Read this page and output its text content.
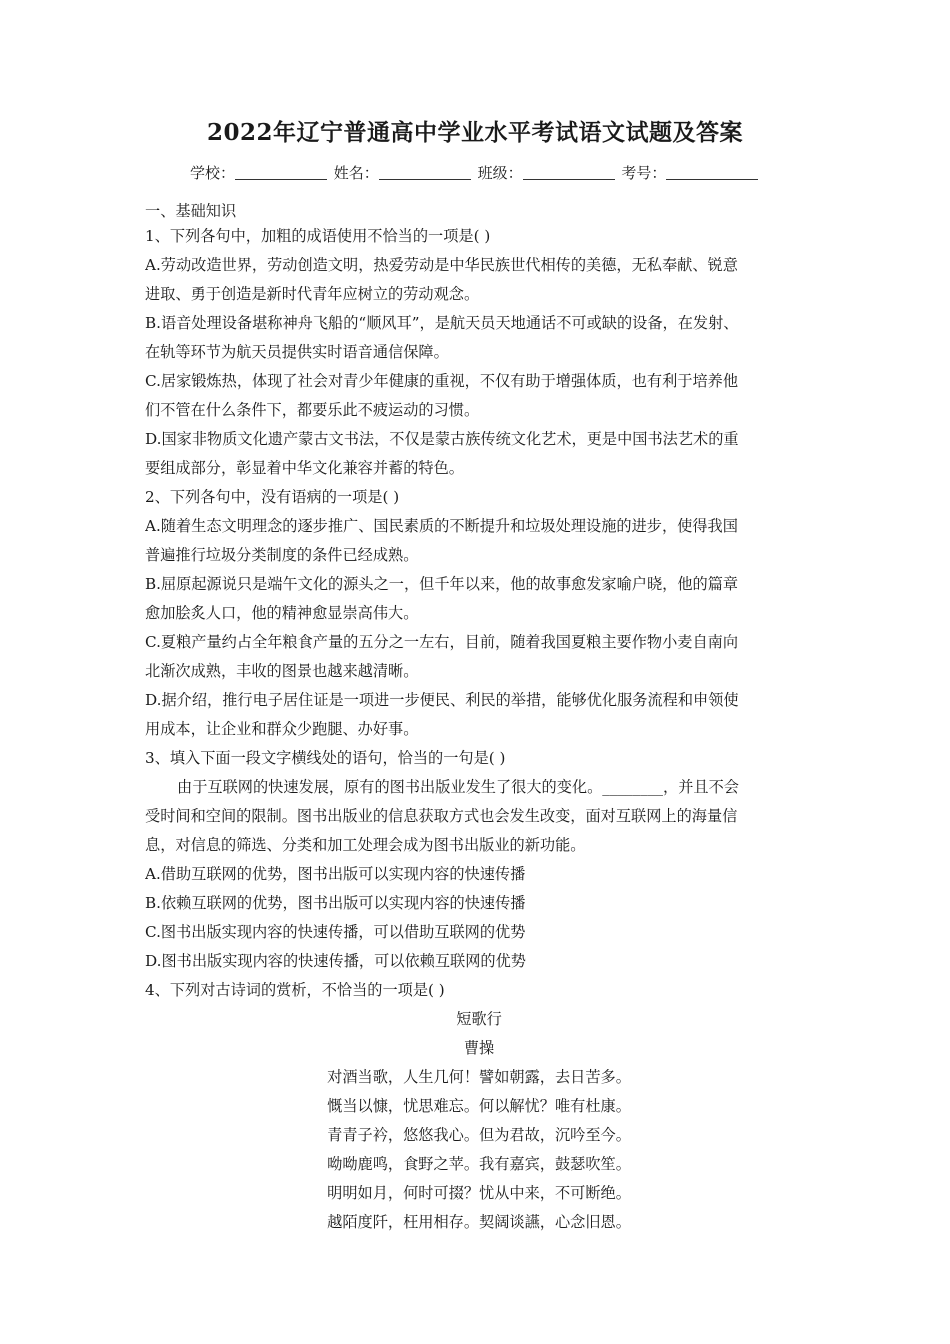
2022年辽宁普通高中学业水平考试语文试题及答案
学校：	姓名：	班级：	考号：
一、基础知识
1、下列各句中，加粗的成语使用不恰当的一项是( )
A.劳动改造世界，劳动创造文明，热爱劳动是中华民族世代相传的美德，无私奉献、锐意
进取、勇于创造是新时代青年应树立的劳动观念。
B.语音处理设备堪称神舟飞船的“顺风耳”，是航天员天地通话不可或缺的设备，在发射、
在轨等环节为航天员提供实时语音通信保障。
C.居家锻炼热，体现了社会对青少年健康的重视，不仅有助于增强体质，也有利于培养他
们不管在什么条件下，都要乐此不疲运动的习惯。
D.国家非物质文化遗产蒙古文书法，不仅是蒙古族传统文化艺术，更是中国书法艺术的重
要组成部分，彰显着中华文化兼容并蓄的特色。
2、下列各句中，没有语病的一项是( )
A.随着生态文明理念的逐步推广、国民素质的不断提升和垃圾处理设施的进步，使得我国
普遍推行垃圾分类制度的条件已经成熟。
B.屈原起源说只是端午文化的源头之一，但千年以来，他的故事愈发家喻户晓，他的篇章
愈加脍炙人口，他的精神愈显崇高伟大。
C.夏粮产量约占全年粮食产量的五分之一左右，目前，随着我国夏粮主要作物小麦自南向
北渐次成熟，丰收的图景也越来越清晰。
D.据介绍，推行电子居住证是一项进一步便民、利民的举措，能够优化服务流程和申领使
用成本，让企业和群众少跑腿、办好事。
3、填入下面一段文字横线处的语句，恰当的一句是( )
由于互联网的快速发展，原有的图书出版业发生了很大的变化。________，并且不会
受时间和空间的限制。图书出版业的信息获取方式也会发生改变，面对互联网上的海量信
息，对信息的筛选、分类和加工处理会成为图书出版业的新功能。
A.借助互联网的优势，图书出版可以实现内容的快速传播
B.依赖互联网的优势，图书出版可以实现内容的快速传播
C.图书出版实现内容的快速传播，可以借助互联网的优势
D.图书出版实现内容的快速传播，可以依赖互联网的优势
4、下列对古诗词的赏析，不恰当的一项是( )
短歌行
曹操
对酒当歌，人生几何！譬如朝露，去日苦多。
慨当以慷，忧思难忘。何以解忧？唯有杜康。
青青子衿，悠悠我心。但为君故，沉吟至今。
呦呦鹿鸣，食野之苹。我有嘉宾，鼓瑟吹笙。
明明如月，何时可掇？忧从中来，不可断绝。
越陌度阡，枉用相存。契阔谈讌，心念旧恩。
